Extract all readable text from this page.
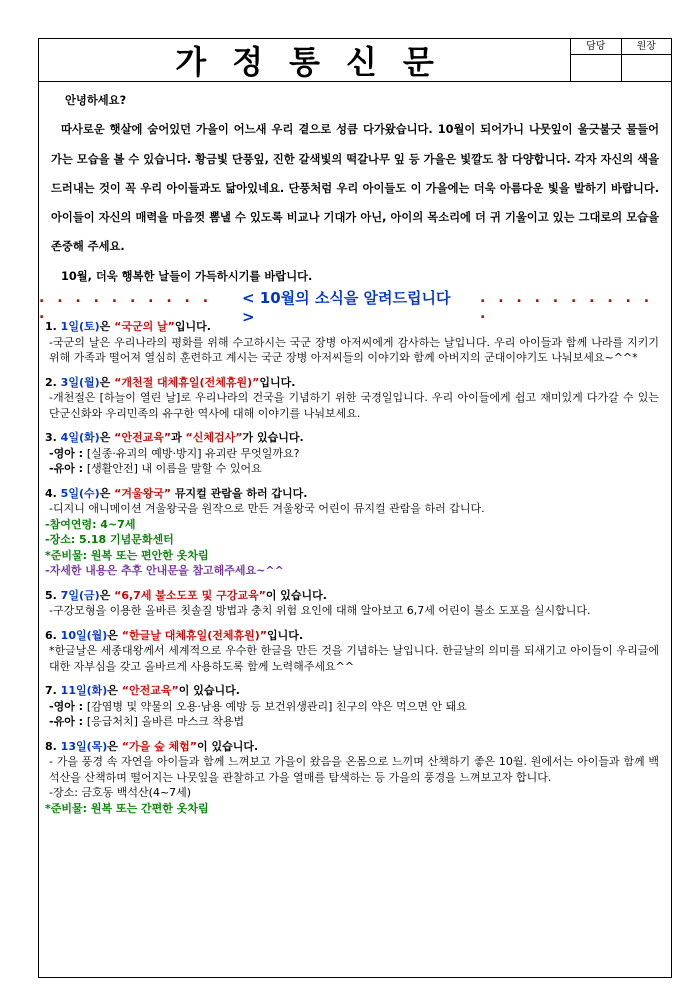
가정통신문	담당	원장
안녕하세요?
따사로운 햇살에 숨어있던 가을이 어느새 우리 곁으로 성큼 다가왔습니다. 10월이 되어가니 나뭇잎이 울긋불긋 물들어 가는 모습을 볼 수 있습니다. 황금빛 단풍잎, 진한 갈색빛의 떡갈나무 잎 등 가을은 빛깔도 참 다양합니다. 각자 자신의 색을 드러내는 것이 꼭 우리 아이들과도 닮아있네요. 단풍처럼 우리 아이들도 이 가을에는 더욱 아름다운 빛을 발하기 바랍니다. 아이들이 자신의 매력을 마음껏 뽐낼 수 있도록 비교나 기대가 아닌, 아이의 목소리에 더 귀 기울이고 있는 그대로의 모습을 존중해 주세요.
10월, 더욱 행복한 날들이 가득하시기를 바랍니다.
. . . . . . . . . . .
< 10월의 소식을 알려드립니다 >
. . . . . . . . . . .
1. 1일(토)은 “국군의 날”입니다.
-국군의 날은 우리나라의 평화를 위해 수고하시는 국군 장병 아저씨에게 감사하는 날입니다. 우리 아이들과 함께 나라를 지키기 위해 가족과 떨어져 열심히 훈련하고 계시는 국군 장병 아저씨들의 이야기와 함께 아버지의 군대이야기도 나눠보세요~^^*
2. 3일(월)은 “개천절 대체휴일(전체휴원)”입니다.
-개천절은 [하늘이 열린 날]로 우리나라의 건국을 기념하기 위한 국경일입니다. 우리 아이들에게 쉽고 재미있게 다가갈 수 있는 단군신화와 우리민족의 유구한 역사에 대해 이야기를 나눠보세요.
3. 4일(화)은 “안전교육”과 “신체검사”가 있습니다.
-영아 : [실종·유괴의 예방·방지] 유괴란 무엇일까요?
-유아 : [생활안전] 내 이름을 말할 수 있어요
4. 5일(수)은 “겨울왕국” 뮤지컬 관람을 하러 갑니다.
-디지니 애니메이션 겨울왕국을 원작으로 만든 겨울왕국 어린이 뮤지컬 관람을 하러 갑니다.
-참여연령: 4~7세
-장소: 5.18 기념문화센터
*준비물: 원복 또는 편안한 옷차림
-자세한 내용은 추후 안내문을 참고해주세요~^^
5. 7일(금)은 “6,7세 불소도포 및 구강교육”이 있습니다.
-구강모형을 이용한 올바른 칫솔질 방법과 충치 위험 요인에 대해 알아보고 6,7세 어린이 불소 도포을 실시합니다.
6. 10일(월)은 “한글날 대체휴일(전체휴원)”입니다.
*한글날은 세종대왕께서 세계적으로 우수한 한글을 만든 것을 기념하는 날입니다. 한글날의 의미를 되새기고 아이들이 우리글에 대한 자부심을 갖고 올바르게 사용하도록 함께 노력해주세요^^
7. 11일(화)은 “안전교육”이 있습니다.
-영아 : [감염병 및 약물의 오용·남용 예방 등 보건위생관리] 친구의 약은 먹으면 안 돼요
-유아 : [응급처치] 올바른 마스크 착용법
8. 13일(목)은 “가을 숲 체험”이 있습니다.
- 가을 풍경 속 자연을 아이들과 함께 느껴보고 가을이 왔음을 온몸으로 느끼며 산책하기 좋은 10월. 원에서는 아이들과 함께 백석산을 산책하며 떨어지는 나뭇잎을 관찰하고 가을 열매를 탐색하는 등 가을의 풍경을 느껴보고자 합니다.
-장소: 금호동 백석산(4~7세)
*준비물: 원복 또는 간편한 옷차림
